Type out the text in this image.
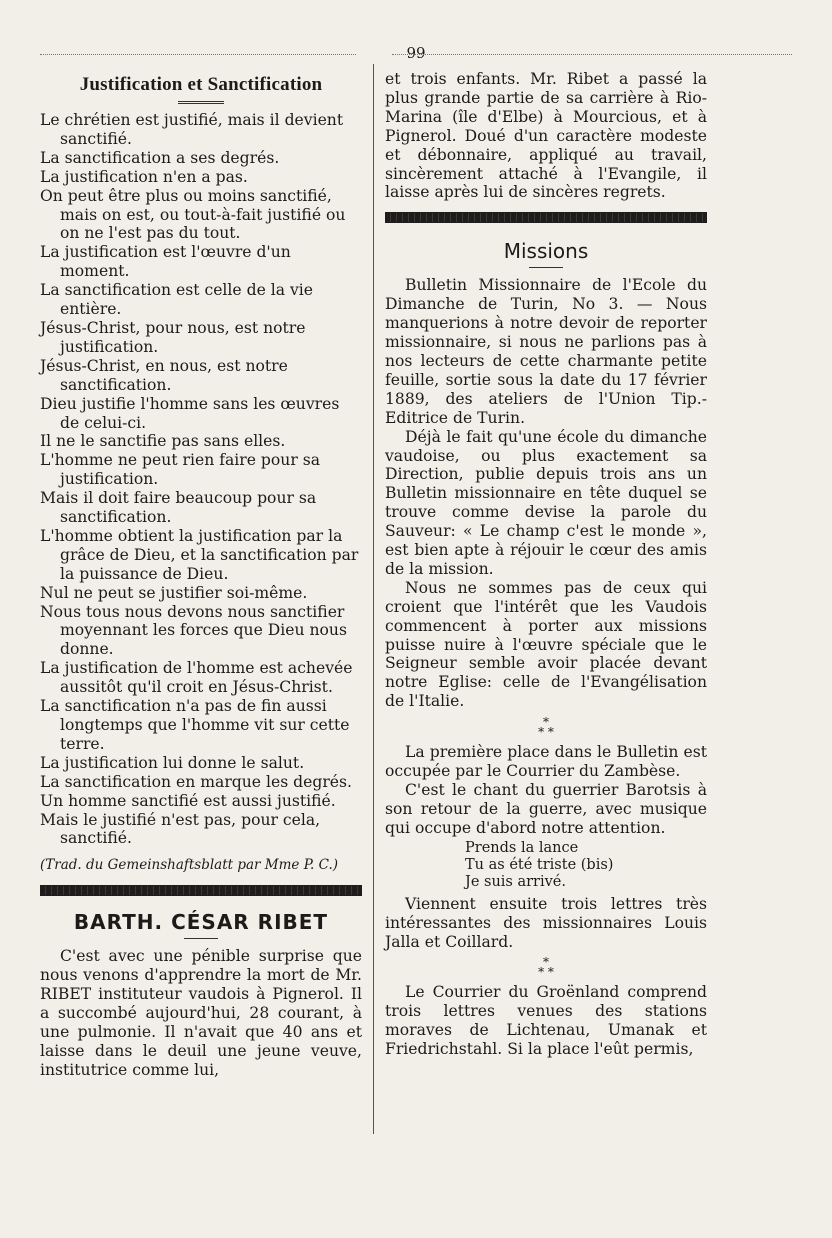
99
Justification et Sanctification

Le chrétien est justifié, mais il devient sanctifié.

La sanctification a ses degrés.

La justification n'en a pas.

On peut être plus ou moins sanctifié, mais on est, ou tout-à-fait justifié ou on ne l'est pas du tout.

La justification est l'œuvre d'un moment.

La sanctification est celle de la vie entière.

Jésus-Christ, pour nous, est notre justification.

Jésus-Christ, en nous, est notre sanctification.

Dieu justifie l'homme sans les œuvres de celui-ci.

Il ne le sanctifie pas sans elles.

L'homme ne peut rien faire pour sa justification.

Mais il doit faire beaucoup pour sa sanctification.

L'homme obtient la justification par la grâce de Dieu, et la sanctification par la puissance de Dieu.

Nul ne peut se justifier soi-même.

Nous tous nous devons nous sanctifier moyennant les forces que Dieu nous donne.

La justification de l'homme est achevée aussitôt qu'il croit en Jésus-Christ.

La sanctification n'a pas de fin aussi longtemps que l'homme vit sur cette terre.

La justification lui donne le salut.

La sanctification en marque les degrés.

Un homme sanctifié est aussi justifié.

Mais le justifié n'est pas, pour cela, sanctifié.

(Trad. du Gemeinshaftsblatt par Mme P. C.)

BARTH. CÉSAR RIBET

C'est avec une pénible surprise que nous venons d'apprendre la mort de Mr. RIBET instituteur vaudois à Pignerol. Il a succombé aujourd'hui, 28 courant, à une pulmonie. Il n'avait que 40 ans et laisse dans le deuil une jeune veuve, institutrice comme lui,

et trois enfants. Mr. Ribet a passé la plus grande partie de sa carrière à Rio-Marina (île d'Elbe) à Mourcious, et à Pignerol. Doué d'un caractère modeste et débonnaire, appliqué au travail, sincèrement attaché à l'Evangile, il laisse après lui de sincères regrets.

Missions

Bulletin Missionnaire de l'Ecole du Dimanche de Turin, No 3. — Nous manquerions à notre devoir de reporter missionnaire, si nous ne parlions pas à nos lecteurs de cette charmante petite feuille, sortie sous la date du 17 février 1889, des ateliers de l'Union Tip.-Editrice de Turin.

Déjà le fait qu'une école du dimanche vaudoise, ou plus exactement sa Direction, publie depuis trois ans un Bulletin missionnaire en tête duquel se trouve comme devise la parole du Sauveur: « Le champ c'est le monde », est bien apte à réjouir le cœur des amis de la mission.

Nous ne sommes pas de ceux qui croient que l'intérêt que les Vaudois commencent à porter aux missions puisse nuire à l'œuvre spéciale que le Seigneur semble avoir placée devant notre Eglise: celle de l'Evangélisation de l'Italie.

*
* *

La première place dans le Bulletin est occupée par le Courrier du Zambèse.

C'est le chant du guerrier Barotsis à son retour de la guerre, avec musique qui occupe d'abord notre attention.

Prends la lance
Tu as été triste (bis)
Je suis arrivé.

Viennent ensuite trois lettres très intéressantes des missionnaires Louis Jalla et Coillard.

*
* *

Le Courrier du Groënland comprend trois lettres venues des stations moraves de Lichtenau, Umanak et Friedrichstahl. Si la place l'eût permis,
